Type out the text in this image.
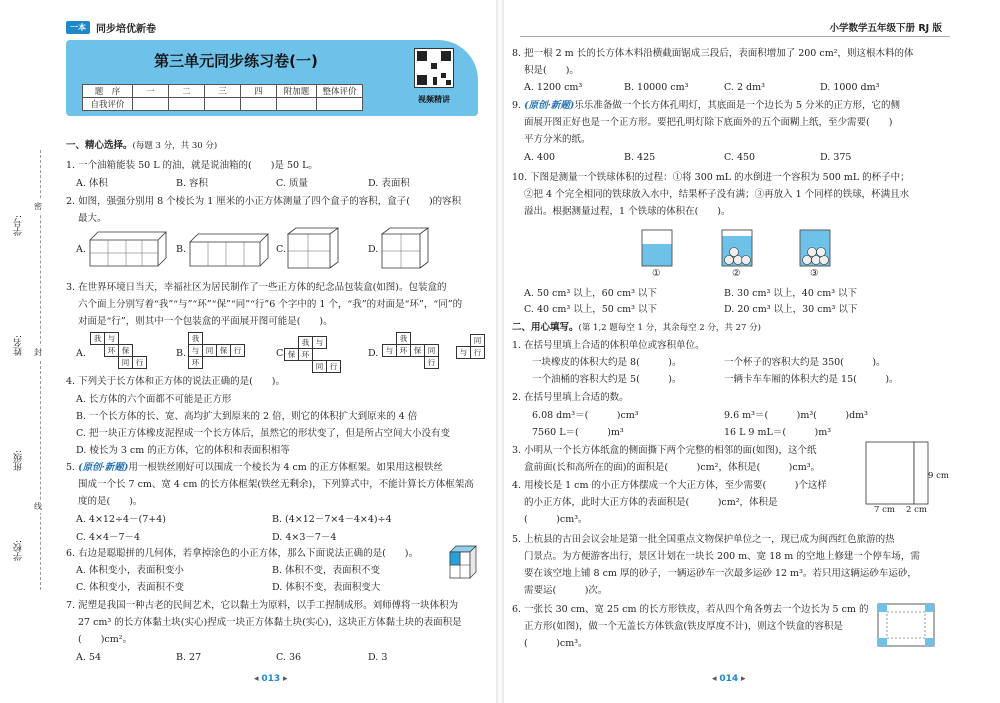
一本	同步培优新卷
第三单元同步练习卷(一)
题　序	一	二	三	四	附加题	整体评价
自我评价						
视频精讲
学号:
姓名:
班级:
学校:
密
封
线
一、精心选择。(每题 3 分，共 30 分)
1. 一个油箱能装 50 L 的油，就是说油箱的(　　)是 50 L。
A. 体积	B. 容积	C. 质量	D. 表面积
2. 如图，强强分别用 8 个棱长为 1 厘米的小正方体测量了四个盒子的容积，盒子(　　)的容积
最大。
A.	B.	C.	D.
3. 在世界环境日当天，幸福社区为居民制作了一些正方体的纪念品包装盒(如图)。包装盒的
六个面上分别写着“我”“与”“环”“保”“同”“行”6 个字中的 1 个，“我”的对面是“环”，“同”的
对面是“行”，则其中一个包装盒的平面展开图可能是(　　)。
A.	B.	C.	D.
我	与		
	环	保	
		同	行
我			
与	同	保	行
环			
	我	与		
保	环			
		同	行	
	我		
与	环	保	同
			行
	同
与	行
4. 下列关于长方体和正方体的说法正确的是(　　)。
A. 长方体的六个面都不可能是正方形
B. 一个长方体的长、宽、高均扩大到原来的 2 倍，则它的体积扩大到原来的 4 倍
C. 把一块正方体橡皮泥捏成一个长方体后，虽然它的形状变了，但是所占空间大小没有变
D. 棱长为 3 cm 的正方体，它的体积和表面积相等
5. (原创·新题)用一根铁丝刚好可以围成一个棱长为 4 cm 的正方体框架。如果用这根铁丝
围成一个长 7 cm、宽 4 cm 的长方体框架(铁丝无剩余)，下列算式中，不能计算长方体框架高
度的是(　　)。
A. 4×12÷4－(7+4)	B. (4×12－7×4－4×4)÷4
C. 4×4－7－4	D. 4×3－7－4
6. 右边是聪聪拼的几何体，若拿掉涂色的小正方体，那么下面说法正确的是(　　)。
A. 体积变小，表面积变小	B. 体积不变，表面积不变
C. 体积变小，表面积不变	D. 体积不变，表面积变大
7. 泥塑是我国一种古老的民间艺术，它以黏土为原料，以手工捏制成形。刘师傅将一块体积为
27 cm³ 的长方体黏土块(实心)捏成一块正方体黏土块(实心)，这块正方体黏土块的表面积是
(　　)cm²。
A. 54	B. 27	C. 36	D. 3
◂ 013 ▸
小学数学五年级下册 RJ 版
8. 把一根 2 m 长的长方体木料沿横截面锯成三段后，表面积增加了 200 cm²，则这根木料的体
积是(　　)。
A. 1200 cm³	B. 10000 cm³	C. 2 dm³	D. 1000 dm³
9. (原创·新题)乐乐准备做一个长方体孔明灯，其底面是一个边长为 5 分米的正方形，它的侧
面展开图正好也是一个正方形。要把孔明灯除下底面外的五个面糊上纸，至少需要(　　)
平方分米的纸。
A. 400	B. 425	C. 450	D. 375
10. 下图是测量一个铁球体积的过程：①将 300 mL 的水倒进一个容积为 500 mL 的杯子中；
②把 4 个完全相同的铁球放入水中，结果杯子没有满；③再放入 1 个同样的铁球，杯满且水
溢出。根据测量过程，1 个铁球的体积在(　　)。
①	②	③
A. 50 cm³ 以上，60 cm³ 以下	B. 30 cm³ 以上，40 cm³ 以下
C. 40 cm³ 以上，50 cm³ 以下	D. 20 cm³ 以上，30 cm³ 以下
二、用心填写。(第 1,2 题每空 1 分，其余每空 2 分，共 27 分)
1. 在括号里填上合适的体积单位或容积单位。
一块橡皮的体积大约是 8(　　　)。	一个杯子的容积大约是 350(　　　)。
一个油桶的容积大约是 5(　　　)。	一辆卡车车厢的体积大约是 15(　　　)。
2. 在括号里填上合适的数。
6.08 dm³＝(　　　)cm³	9.6 m³＝(　　　)m³(　　　)dm³
7560 L＝(　　　)m³	16 L 9 mL＝(　　　)m³
3. 小明从一个长方体纸盒的侧面撕下两个完整的相邻的面(如图)，这个纸
盒前面(长和高所在的面)的面积是(　　　)cm²，体积是(　　　)cm³。
4. 用棱长是 1 cm 的小正方体摆成一个大正方体，至少需要(　　　)个这样
的小正方体，此时大正方体的表面积是(　　　)cm²，体积是
(　　　)cm³。
9 cm
7 cm 2 cm
5. 上杭县的古田会议会址是第一批全国重点文物保护单位之一，现已成为闽西红色旅游的热
门景点。为方便游客出行，景区计划在一块长 200 m、宽 18 m 的空地上修建一个停车场，需
要在该空地上铺 8 cm 厚的砂子，一辆运砂车一次最多运砂 12 m³。若只用这辆运砂车运砂，
需要运(　　　)次。
6. 一张长 30 cm、宽 25 cm 的长方形铁皮，若从四个角各剪去一个边长为 5 cm 的
正方形(如图)，做一个无盖长方体铁盒(铁皮厚度不计)，则这个铁盒的容积是
(　　　)cm³。
◂ 014 ▸
